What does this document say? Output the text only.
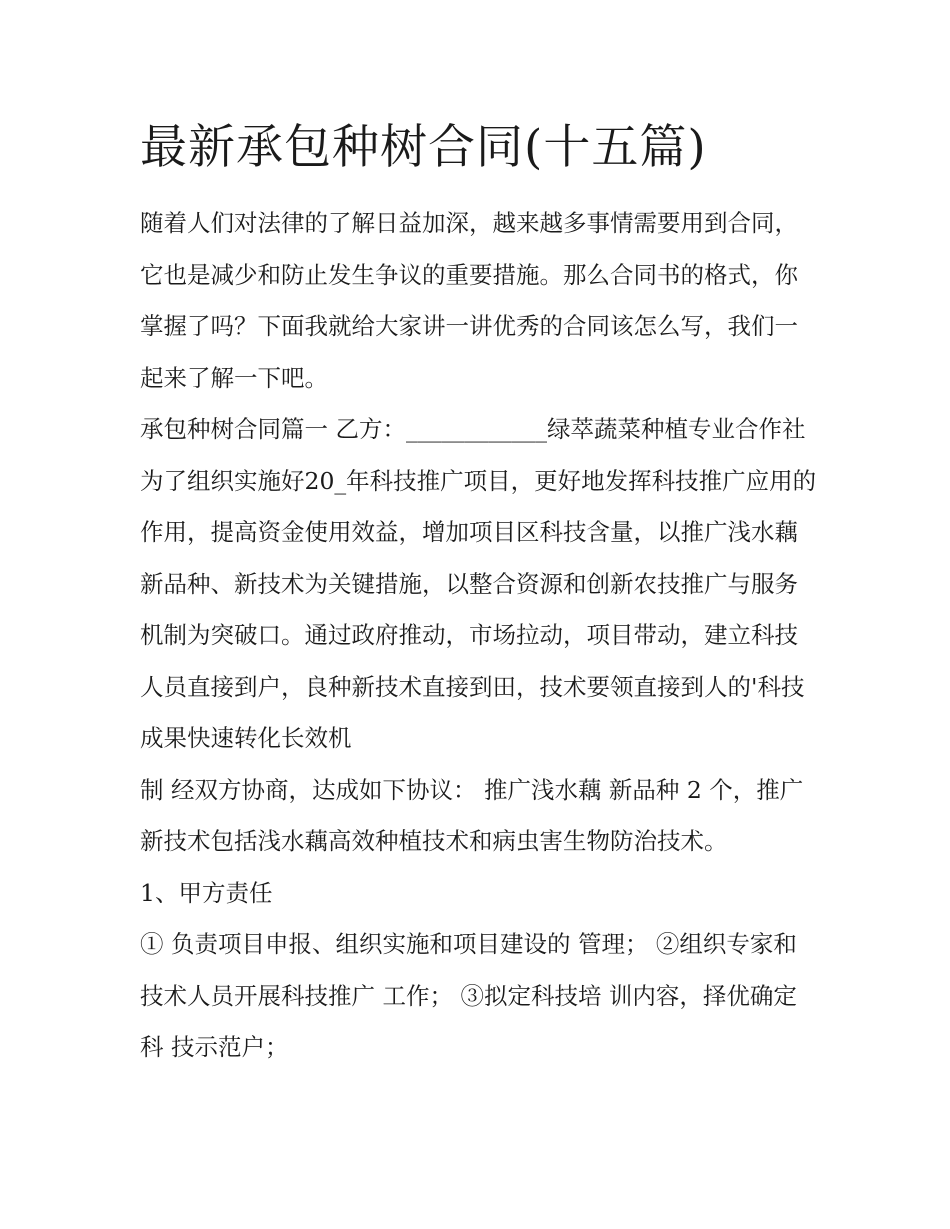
最新承包种树合同(十五篇)

随着人们对法律的了解日益加深，越来越多事情需要用到合同，它也是减少和防止发生争议的重要措施。那么合同书的格式，你掌握了吗？下面我就给大家讲一讲优秀的合同该怎么写，我们一起来了解一下吧。

承包种树合同篇一 乙方：____________绿萃蔬菜种植专业合作社

为了组织实施好20_年科技推广项目，更好地发挥科技推广应用的作用，提高资金使用效益，增加项目区科技含量，以推广浅水藕新品种、新技术为关键措施，以整合资源和创新农技推广与服务机制为突破口。通过政府推动，市场拉动，项目带动，建立科技人员直接到户，良种新技术直接到田，技术要领直接到人的'科技成果快速转化长效机

制 经双方协商，达成如下协议： 推广浅水藕 新品种 2 个，推广新技术包括浅水藕高效种植技术和病虫害生物防治技术。

1、甲方责任

① 负责项目申报、组织实施和项目建设的 管理； ②组织专家和技术人员开展科技推广 工作； ③拟定科技培 训内容，择优确定科 技示范户；
